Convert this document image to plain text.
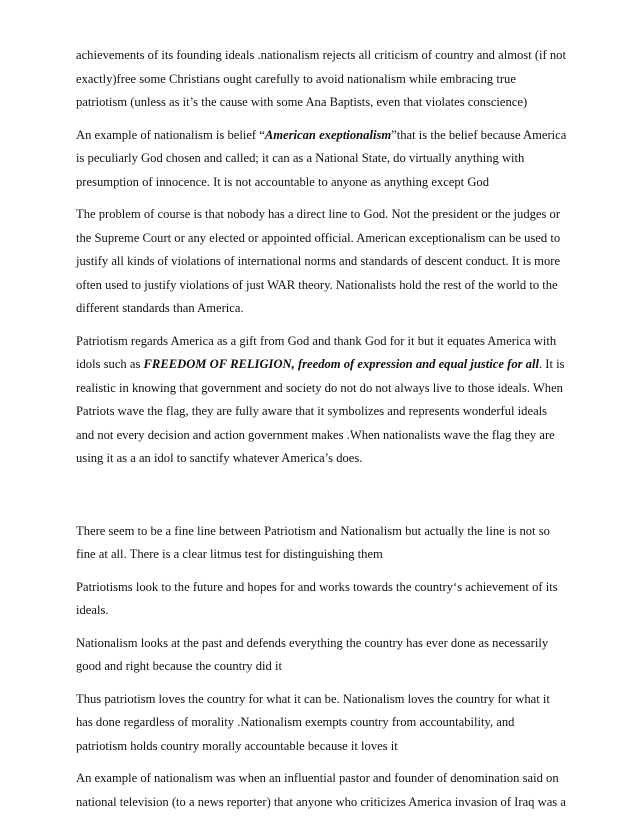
achievements of its founding ideals .nationalism rejects all criticism of country and almost (if not
exactly)free some Christians ought carefully to avoid nationalism while embracing true
patriotism (unless as it’s the cause with some Ana Baptists, even that violates conscience)

An example of nationalism is belief “American exeptionalism”that is the belief because America
is peculiarly God chosen and called; it can as a National State, do virtually anything with
presumption of innocence. It is not accountable to anyone as anything except God

The problem of course is that nobody has a direct line to God. Not the president or the judges or
the Supreme Court or any elected or appointed official. American exceptionalism can be used to
justify all kinds of violations of international norms and standards of descent conduct. It is more
often used to justify violations of just WAR theory. Nationalists hold the rest of the world to the
different standards than America.

Patriotism regards America as a gift from God and thank God for it but it equates America with
idols such as FREEDOM OF RELIGION, freedom of expression and equal justice for all. It is
realistic in knowing that government and society do not do not always live to those ideals. When
Patriots wave the flag, they are fully aware that it symbolizes and represents wonderful ideals
and not every decision and action government makes .When nationalists wave the flag they are
using it as a an idol to sanctify whatever America’s does.

There seem to be a fine line between Patriotism and Nationalism but actually the line is not so
fine at all. There is a clear litmus test for distinguishing them

Patriotisms look to the future and hopes for and works towards the country‘s achievement of its
ideals.

Nationalism looks at the past and defends everything the country has ever done as necessarily
good and right because the country did it

Thus patriotism loves the country for what it can be. Nationalism loves the country for what it
has done regardless of morality .Nationalism exempts country from accountability, and
patriotism holds country morally accountable because it loves it

An example of nationalism was when an influential pastor and founder of denomination said on
national television (to a news reporter) that anyone who criticizes America invasion of Iraq was a
